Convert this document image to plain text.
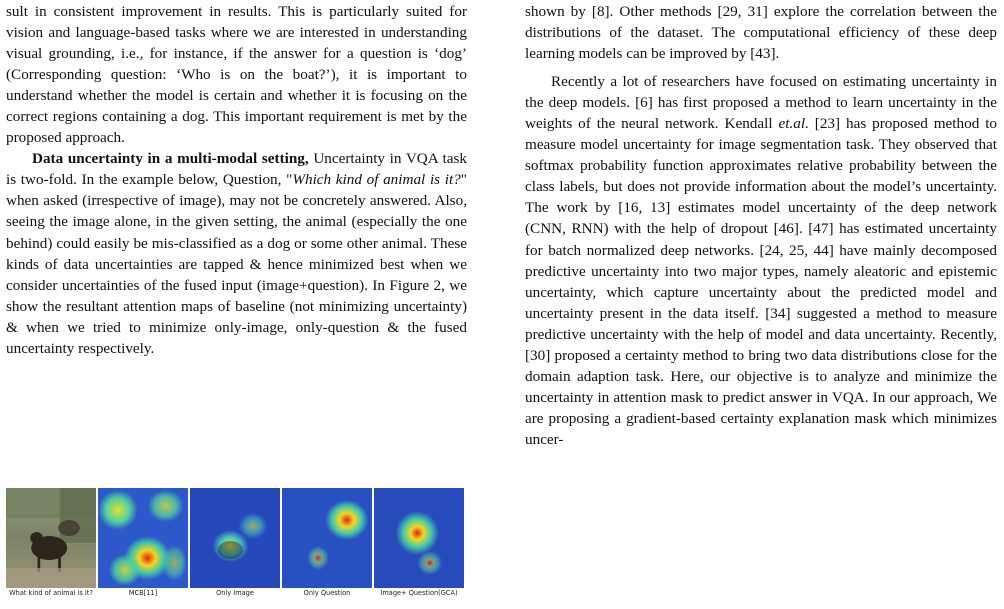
sult in consistent improvement in results. This is particularly suited for vision and language-based tasks where we are interested in understanding visual grounding, i.e., for instance, if the answer for a question is ‘dog’ (Corresponding question: ‘Who is on the boat?’), it is important to understand whether the model is certain and whether it is focusing on the correct regions containing a dog. This important requirement is met by the proposed approach.

Data uncertainty in a multi-modal setting, Uncertainty in VQA task is two-fold. In the example below, Question, "Which kind of animal is it?" when asked (irrespective of image), may not be concretely answered. Also, seeing the image alone, in the given setting, the animal (especially the one behind) could easily be mis-classified as a dog or some other animal. These kinds of data uncertainties are tapped & hence minimized best when we consider uncertainties of the fused input (image+question). In Figure 2, we show the resultant attention maps of baseline (not minimizing uncertainty) & when we tried to minimize only-image, only-question & the fused uncertainty respectively.

What kind of animal is it?	MCB[11]	Only Image	Only Question	Image+ Question(GCA)

shown by [8]. Other methods [29, 31] explore the correlation between the distributions of the dataset. The computational efficiency of these deep learning models can be improved by [43].

Recently a lot of researchers have focused on estimating uncertainty in the deep models. [6] has first proposed a method to learn uncertainty in the weights of the neural network. Kendall et.al. [23] has proposed method to measure model uncertainty for image segmentation task. They observed that softmax probability function approximates relative probability between the class labels, but does not provide information about the model’s uncertainty. The work by [16, 13] estimates model uncertainty of the deep network (CNN, RNN) with the help of dropout [46]. [47] has estimated uncertainty for batch normalized deep networks. [24, 25, 44] have mainly decomposed predictive uncertainty into two major types, namely aleatoric and epistemic uncertainty, which capture uncertainty about the predicted model and uncertainty present in the data itself. [34] suggested a method to measure predictive uncertainty with the help of model and data uncertainty. Recently, [30] proposed a certainty method to bring two data distributions close for the domain adaption task. Here, our objective is to analyze and minimize the uncertainty in attention mask to predict answer in VQA. In our approach, We are proposing a gradient-based certainty explanation mask which minimizes uncer-
